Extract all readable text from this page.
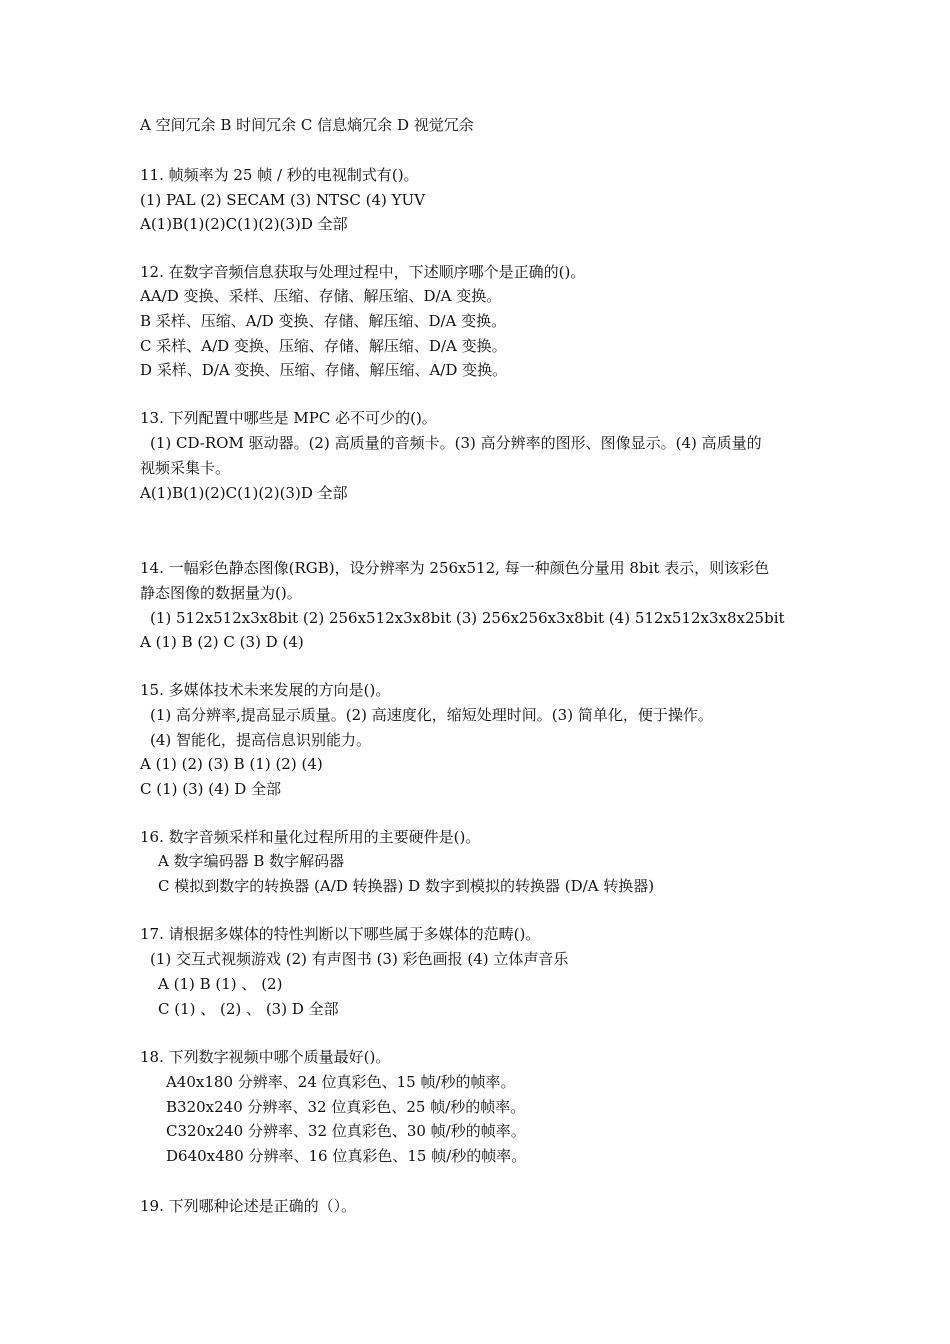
A 空间冗余 B 时间冗余 C 信息熵冗余 D 视觉冗余
11. 帧频率为 25 帧 / 秒的电视制式有()。
(1) PAL (2) SECAM (3) NTSC (4) YUV
A(1)B(1)(2)C(1)(2)(3)D 全部
12. 在数字音频信息获取与处理过程中，下述顺序哪个是正确的()。
AA/D 变换、采样、压缩、存储、解压缩、D/A 变换。
B 采样、压缩、A/D 变换、存储、解压缩、D/A 变换。
C 采样、A/D 变换、压缩、存储、解压缩、D/A 变换。
D 采样、D/A 变换、压缩、存储、解压缩、A/D 变换。
13. 下列配置中哪些是 MPC 必不可少的()。
(1) CD-ROM 驱动器。(2) 高质量的音频卡。(3) 高分辨率的图形、图像显示。(4) 高质量的
视频采集卡。
A(1)B(1)(2)C(1)(2)(3)D 全部
14. 一幅彩色静态图像(RGB)，设分辨率为 256x512, 每一种颜色分量用 8bit 表示，则该彩色
静态图像的数据量为()。
(1) 512x512x3x8bit (2) 256x512x3x8bit (3) 256x256x3x8bit (4) 512x512x3x8x25bit
A (1) B (2) C (3) D (4)
15. 多媒体技术未来发展的方向是()。
(1) 高分辨率,提高显示质量。(2) 高速度化，缩短处理时间。(3) 简单化，便于操作。
(4) 智能化，提高信息识别能力。
A (1) (2) (3) B (1) (2) (4)
C (1) (3) (4) D 全部
16. 数字音频采样和量化过程所用的主要硬件是()。
A 数字编码器 B 数字解码器
C 模拟到数字的转换器 (A/D 转换器) D 数字到模拟的转换器 (D/A 转换器)
17. 请根据多媒体的特性判断以下哪些属于多媒体的范畴()。
(1) 交互式视频游戏 (2) 有声图书 (3) 彩色画报 (4) 立体声音乐
A (1) B (1) 、 (2)
C (1) 、 (2) 、 (3) D 全部
18. 下列数字视频中哪个质量最好()。
A40x180 分辨率、24 位真彩色、15 帧/秒的帧率。
B320x240 分辨率、32 位真彩色、25 帧/秒的帧率。
C320x240 分辨率、32 位真彩色、30 帧/秒的帧率。
D640x480 分辨率、16 位真彩色、15 帧/秒的帧率。
19. 下列哪种论述是正确的（）。
